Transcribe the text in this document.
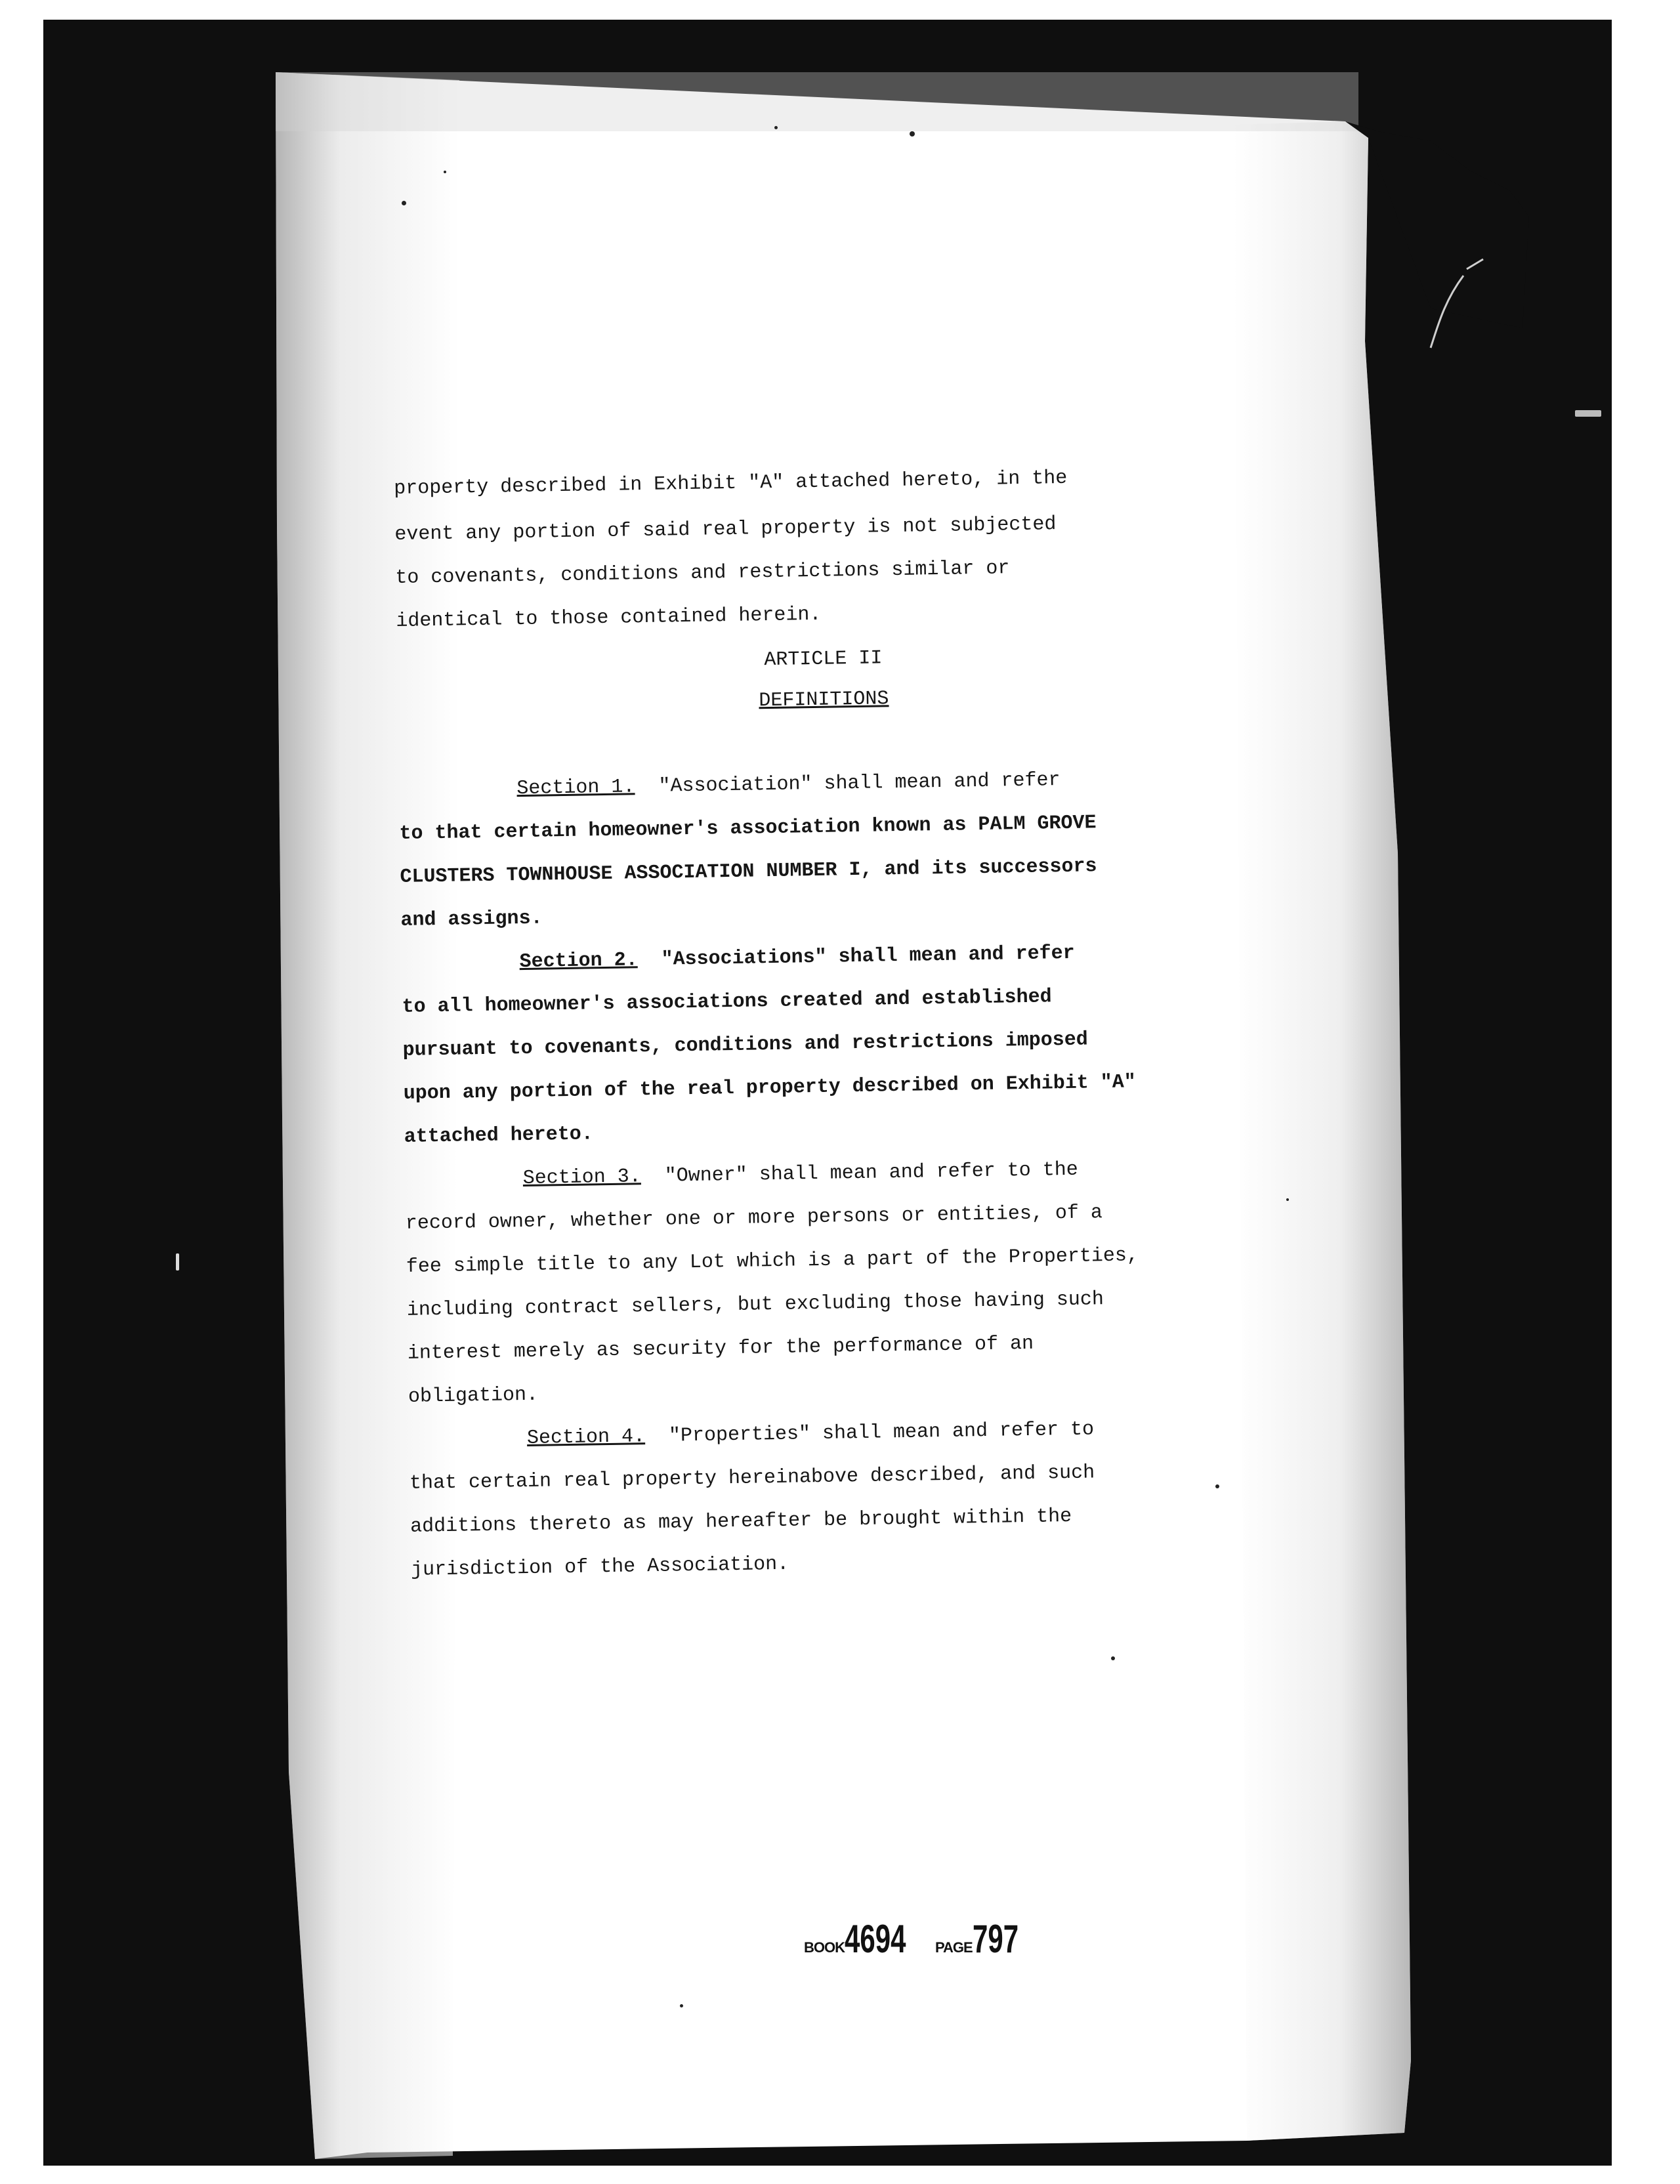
property described in Exhibit "A" attached hereto, in the
event any portion of said real property is not subjected
to covenants, conditions and restrictions similar or
identical to those contained herein.
ARTICLE II
DEFINITIONS
Section 1. "Association" shall mean and refer
to that certain homeowner's association known as PALM GROVE
CLUSTERS TOWNHOUSE ASSOCIATION NUMBER I, and its successors
and assigns.
Section 2. "Associations" shall mean and refer
to all homeowner's associations created and established
pursuant to covenants, conditions and restrictions imposed
upon any portion of the real property described on Exhibit "A"
attached hereto.
Section 3. "Owner" shall mean and refer to the
record owner, whether one or more persons or entities, of a
fee simple title to any Lot which is a part of the Properties,
including contract sellers, but excluding those having such
interest merely as security for the performance of an
obligation.
Section 4. "Properties" shall mean and refer to
that certain real property hereinabove described, and such
additions thereto as may hereafter be brought within the
jurisdiction of the Association.
BOOK4694 PAGE797
